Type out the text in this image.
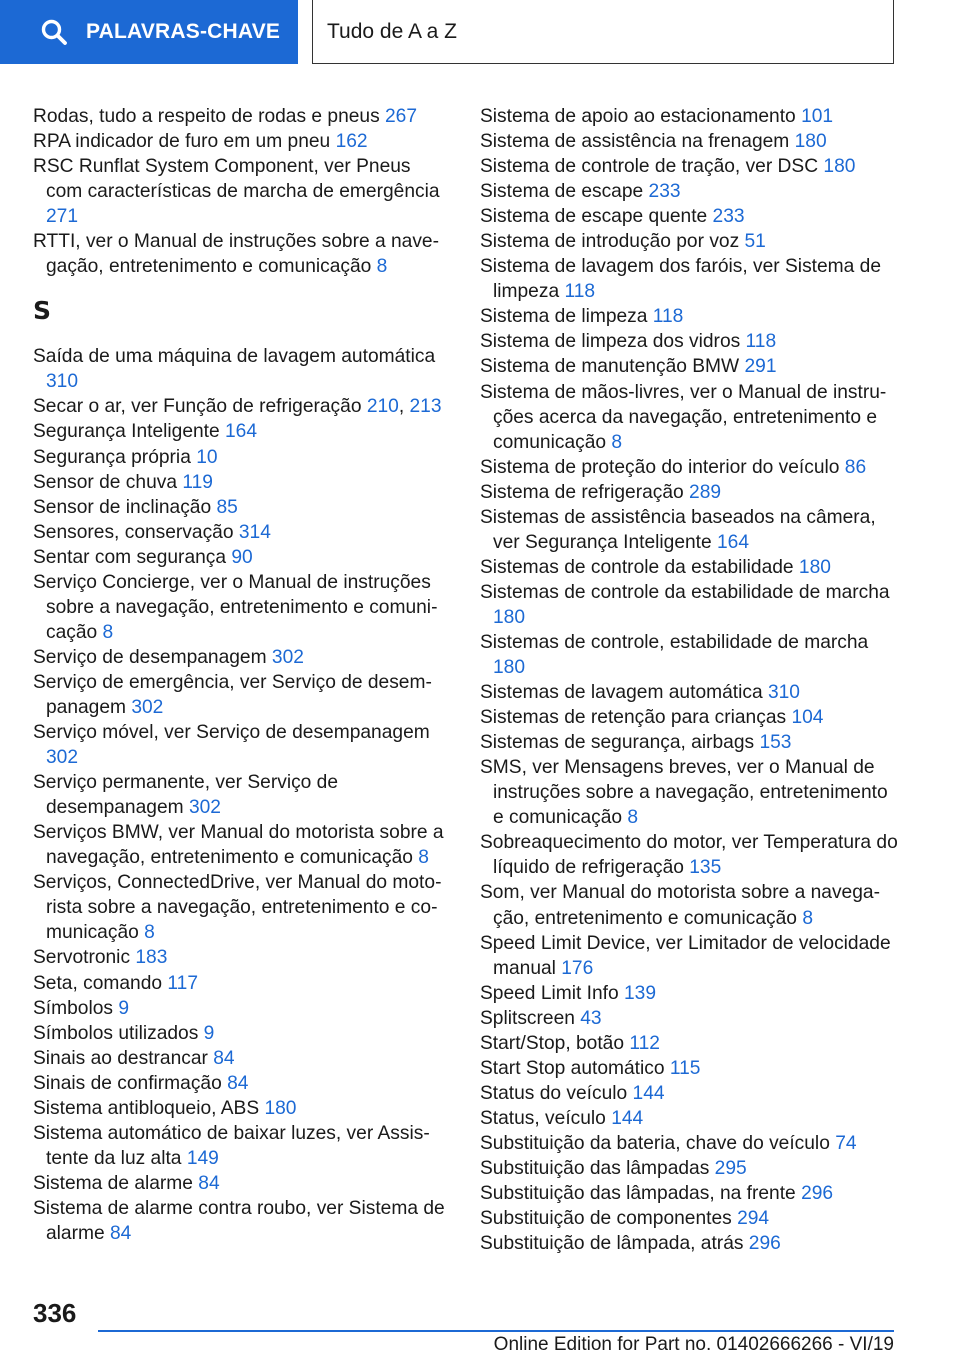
PALAVRAS-CHAVE Tudo de A a Z
Rodas, tudo a respeito de rodas e pneus 267
RPA indicador de furo em um pneu 162
RSC Runflat System Component, ver Pneus com características de marcha de emergência 271
RTTI, ver o Manual de instruções sobre a navegação, entretenimento e comunicação 8
S
Saída de uma máquina de lavagem automática 310
Secar o ar, ver Função de refrigeração 210, 213
Segurança Inteligente 164
Segurança própria 10
Sensor de chuva 119
Sensor de inclinação 85
Sensores, conservação 314
Sentar com segurança 90
Serviço Concierge, ver o Manual de instruções sobre a navegação, entretenimento e comunicação 8
Serviço de desempanagem 302
Serviço de emergência, ver Serviço de desempanagem 302
Serviço móvel, ver Serviço de desempanagem 302
Serviço permanente, ver Serviço de desempanagem 302
Serviços BMW, ver Manual do motorista sobre a navegação, entretenimento e comunicação 8
Serviços, ConnectedDrive, ver Manual do motorista sobre a navegação, entretenimento e comunicação 8
Servotronic 183
Seta, comando 117
Símbolos 9
Símbolos utilizados 9
Sinais ao destrancar 84
Sinais de confirmação 84
Sistema antibloqueio, ABS 180
Sistema automático de baixar luzes, ver Assistente da luz alta 149
Sistema de alarme 84
Sistema de alarme contra roubo, ver Sistema de alarme 84
Sistema de apoio ao estacionamento 101
Sistema de assistência na frenagem 180
Sistema de controle de tração, ver DSC 180
Sistema de escape 233
Sistema de escape quente 233
Sistema de introdução por voz 51
Sistema de lavagem dos faróis, ver Sistema de limpeza 118
Sistema de limpeza 118
Sistema de limpeza dos vidros 118
Sistema de manutenção BMW 291
Sistema de mãos-livres, ver o Manual de instruções acerca da navegação, entretenimento e comunicação 8
Sistema de proteção do interior do veículo 86
Sistema de refrigeração 289
Sistemas de assistência baseados na câmera, ver Segurança Inteligente 164
Sistemas de controle da estabilidade 180
Sistemas de controle da estabilidade de marcha 180
Sistemas de controle, estabilidade de marcha 180
Sistemas de lavagem automática 310
Sistemas de retenção para crianças 104
Sistemas de segurança, airbags 153
SMS, ver Mensagens breves, ver o Manual de instruções sobre a navegação, entretenimento e comunicação 8
Sobreaquecimento do motor, ver Temperatura do líquido de refrigeração 135
Som, ver Manual do motorista sobre a navegação, entretenimento e comunicação 8
Speed Limit Device, ver Limitador de velocidade manual 176
Speed Limit Info 139
Splitscreen 43
Start/Stop, botão 112
Start Stop automático 115
Status do veículo 144
Status, veículo 144
Substituição da bateria, chave do veículo 74
Substituição das lâmpadas 295
Substituição das lâmpadas, na frente 296
Substituição de componentes 294
Substituição de lâmpada, atrás 296
336
Online Edition for Part no. 01402666266 - VI/19
